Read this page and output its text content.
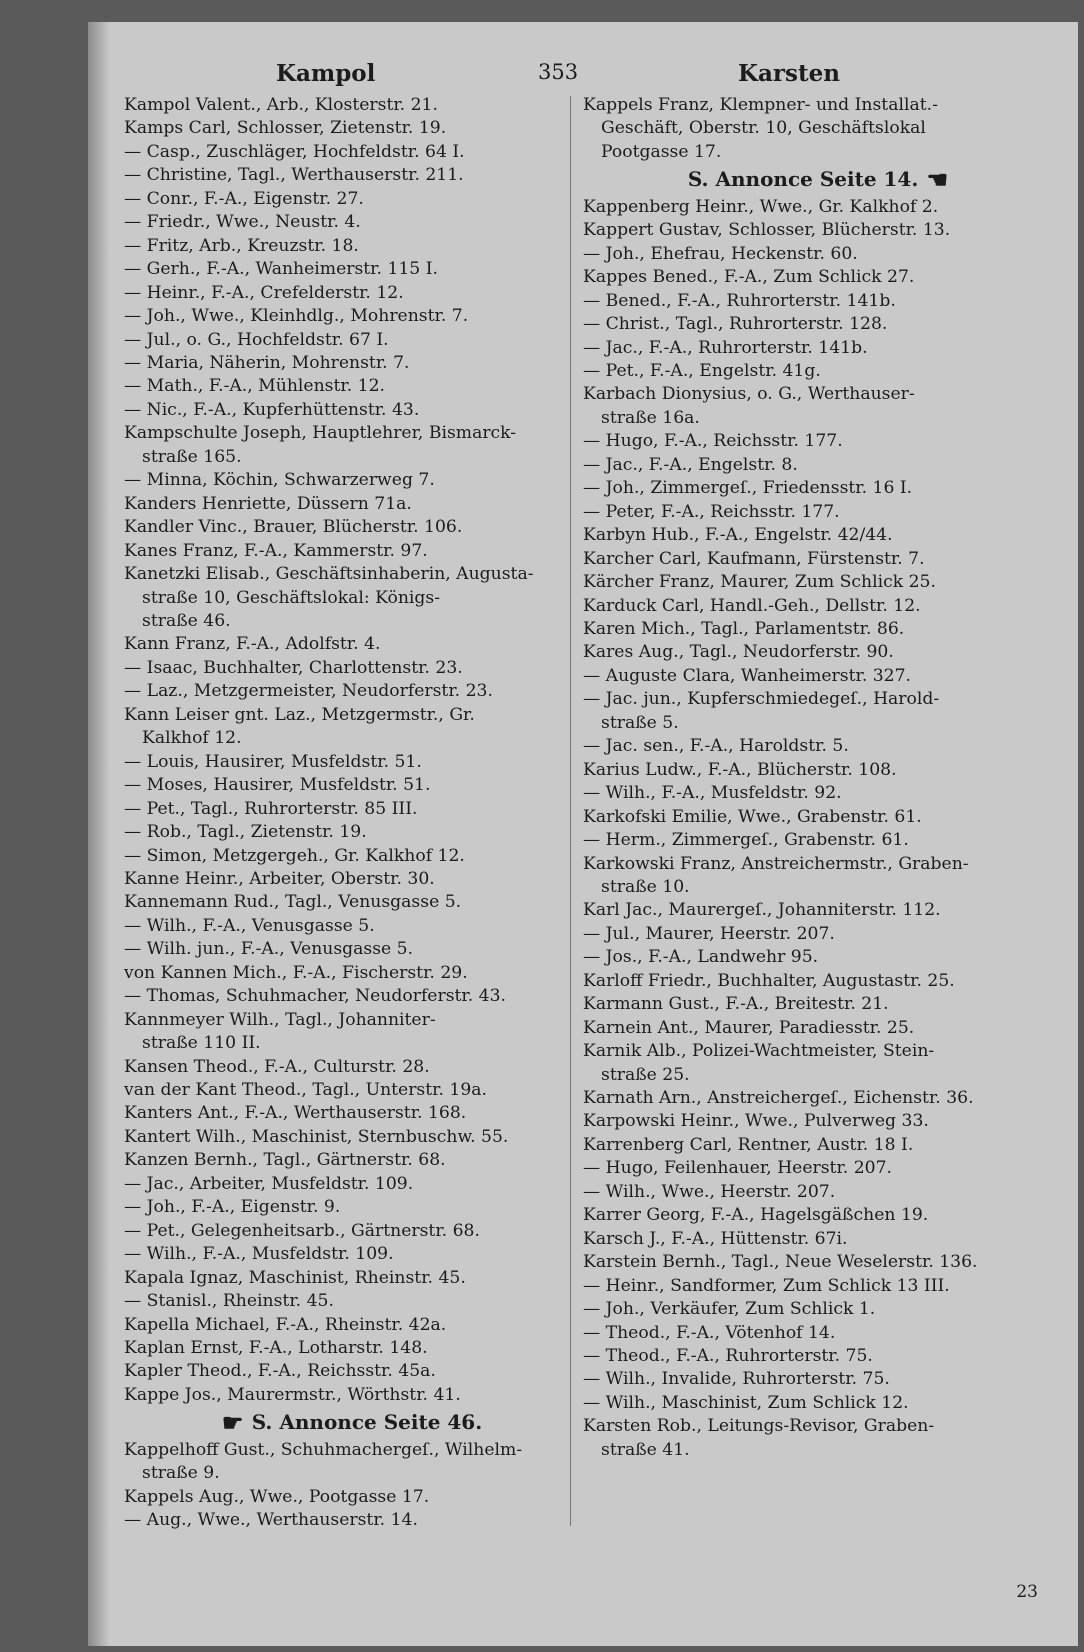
Kampol	353	Karsten
Kampol Valent., Arb., Klosterstr. 21.
Kamps Carl, Schlosser, Zietenstr. 19.
— Casp., Zuschläger, Hochfeldstr. 64 I.
— Christine, Tagl., Werthauserstr. 211.
— Conr., F.-A., Eigenstr. 27.
— Friedr., Wwe., Neustr. 4.
— Fritz, Arb., Kreuzstr. 18.
— Gerh., F.-A., Wanheimerstr. 115 I.
— Heinr., F.-A., Crefelderstr. 12.
— Joh., Wwe., Kleinhdlg., Mohrenstr. 7.
— Jul., o. G., Hochfeldstr. 67 I.
— Maria, Näherin, Mohrenstr. 7.
— Math., F.-A., Mühlenstr. 12.
— Nic., F.-A., Kupferhüttenstr. 43.
Kampschulte Joseph, Hauptlehrer, Bismarck-
straße 165.
— Minna, Köchin, Schwarzerweg 7.
Kanders Henriette, Düssern 71a.
Kandler Vinc., Brauer, Blücherstr. 106.
Kanes Franz, F.-A., Kammerstr. 97.
Kanetzki Elisab., Geschäftsinhaberin, Augusta-
straße 10, Geschäftslokal: Königs-
straße 46.
Kann Franz, F.-A., Adolfstr. 4.
— Isaac, Buchhalter, Charlottenstr. 23.
— Laz., Metzgermeister, Neudorferstr. 23.
Kann Leiser gnt. Laz., Metzgermstr., Gr.
Kalkhof 12.
— Louis, Hausirer, Musfeldstr. 51.
— Moses, Hausirer, Musfeldstr. 51.
— Pet., Tagl., Ruhrorterstr. 85 III.
— Rob., Tagl., Zietenstr. 19.
— Simon, Metzgergeh., Gr. Kalkhof 12.
Kanne Heinr., Arbeiter, Oberstr. 30.
Kannemann Rud., Tagl., Venusgasse 5.
— Wilh., F.-A., Venusgasse 5.
— Wilh. jun., F.-A., Venusgasse 5.
von Kannen Mich., F.-A., Fischerstr. 29.
— Thomas, Schuhmacher, Neudorferstr. 43.
Kannmeyer Wilh., Tagl., Johanniter-
straße 110 II.
Kansen Theod., F.-A., Culturstr. 28.
van der Kant Theod., Tagl., Unterstr. 19a.
Kanters Ant., F.-A., Werthauserstr. 168.
Kantert Wilh., Maschinist, Sternbuschw. 55.
Kanzen Bernh., Tagl., Gärtnerstr. 68.
— Jac., Arbeiter, Musfeldstr. 109.
— Joh., F.-A., Eigenstr. 9.
— Pet., Gelegenheitsarb., Gärtnerstr. 68.
— Wilh., F.-A., Musfeldstr. 109.
Kapala Ignaz, Maschinist, Rheinstr. 45.
— Stanisl., Rheinstr. 45.
Kapella Michael, F.-A., Rheinstr. 42a.
Kaplan Ernst, F.-A., Lotharstr. 148.
Kapler Theod., F.-A., Reichsstr. 45a.
Kappe Jos., Maurermstr., Wörthstr. 41.
☛ S. Annonce Seite 46.
Kappelhoff Gust., Schuhmachergeſ., Wilhelm-
straße 9.
Kappels Aug., Wwe., Pootgasse 17.
— Aug., Wwe., Werthauserstr. 14.
Kappels Franz, Klempner- und Installat.-
Geschäft, Oberstr. 10, Geschäftslokal
Pootgasse 17.
S. Annonce Seite 14. ☚
Kappenberg Heinr., Wwe., Gr. Kalkhof 2.
Kappert Gustav, Schlosser, Blücherstr. 13.
— Joh., Ehefrau, Heckenstr. 60.
Kappes Bened., F.-A., Zum Schlick 27.
— Bened., F.-A., Ruhrorterstr. 141b.
— Christ., Tagl., Ruhrorterstr. 128.
— Jac., F.-A., Ruhrorterstr. 141b.
— Pet., F.-A., Engelstr. 41g.
Karbach Dionysius, o. G., Werthauser-
straße 16a.
— Hugo, F.-A., Reichsstr. 177.
— Jac., F.-A., Engelstr. 8.
— Joh., Zimmergeſ., Friedensstr. 16 I.
— Peter, F.-A., Reichsstr. 177.
Karbyn Hub., F.-A., Engelstr. 42/44.
Karcher Carl, Kaufmann, Fürstenstr. 7.
Kärcher Franz, Maurer, Zum Schlick 25.
Karduck Carl, Handl.-Geh., Dellstr. 12.
Karen Mich., Tagl., Parlamentstr. 86.
Kares Aug., Tagl., Neudorferstr. 90.
— Auguste Clara, Wanheimerstr. 327.
— Jac. jun., Kupferschmiedegeſ., Harold-
straße 5.
— Jac. sen., F.-A., Haroldstr. 5.
Karius Ludw., F.-A., Blücherstr. 108.
— Wilh., F.-A., Musfeldstr. 92.
Karkofski Emilie, Wwe., Grabenstr. 61.
— Herm., Zimmergeſ., Grabenstr. 61.
Karkowski Franz, Anstreichermstr., Graben-
straße 10.
Karl Jac., Maurergeſ., Johanniterstr. 112.
— Jul., Maurer, Heerstr. 207.
— Jos., F.-A., Landwehr 95.
Karloff Friedr., Buchhalter, Augustastr. 25.
Karmann Gust., F.-A., Breitestr. 21.
Karnein Ant., Maurer, Paradiesstr. 25.
Karnik Alb., Polizei-Wachtmeister, Stein-
straße 25.
Karnath Arn., Anstreichergeſ., Eichenstr. 36.
Karpowski Heinr., Wwe., Pulverweg 33.
Karrenberg Carl, Rentner, Austr. 18 I.
— Hugo, Feilenhauer, Heerstr. 207.
— Wilh., Wwe., Heerstr. 207.
Karrer Georg, F.-A., Hagelsgäßchen 19.
Karsch J., F.-A., Hüttenstr. 67i.
Karstein Bernh., Tagl., Neue Weselerstr. 136.
— Heinr., Sandformer, Zum Schlick 13 III.
— Joh., Verkäufer, Zum Schlick 1.
— Theod., F.-A., Vötenhof 14.
— Theod., F.-A., Ruhrorterstr. 75.
— Wilh., Invalide, Ruhrorterstr. 75.
— Wilh., Maschinist, Zum Schlick 12.
Karsten Rob., Leitungs-Revisor, Graben-
straße 41.
23
